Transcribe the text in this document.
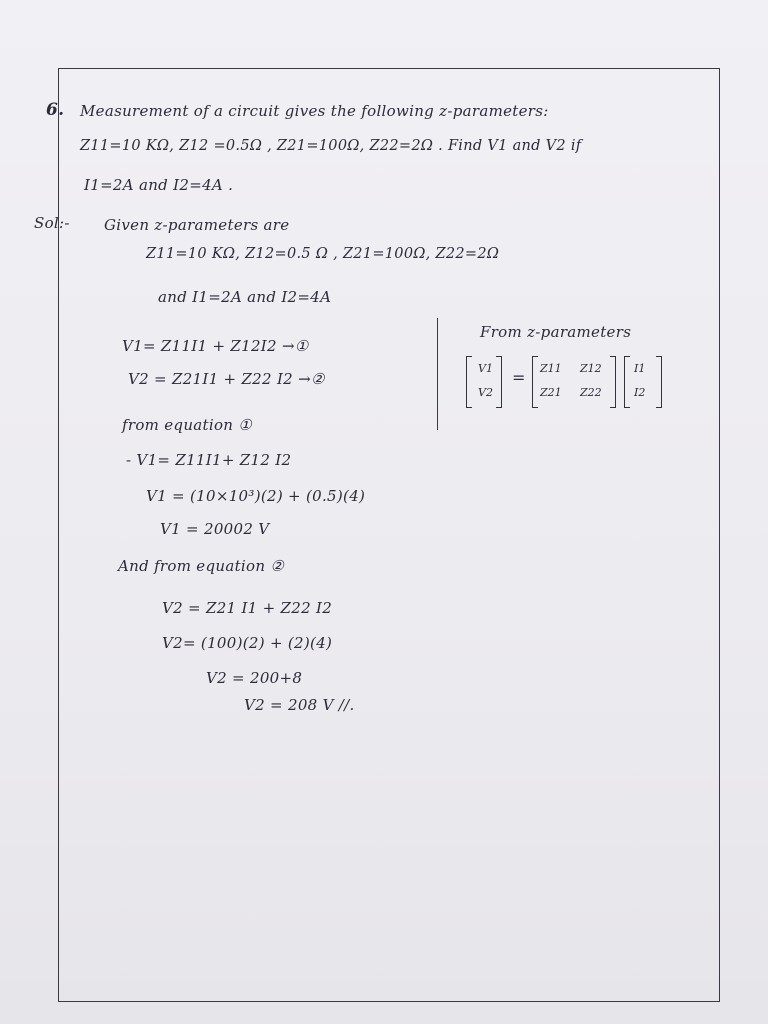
6. Measurement of a circuit gives the following z-parameters:
Z11=10 KΩ, Z12 =0.5Ω , Z21=100Ω, Z22=2Ω . Find V1 and V2 if
I1=2A and I2=4A .
Sol:- Given z-parameters are
Z11=10 KΩ, Z12=0.5 Ω , Z21=100Ω, Z22=2Ω
and I1=2A and I2=4A
V1= Z11I1 + Z12I2 →①
V2 = Z21I1 + Z22 I2 →②
From z-parameters
V1
V2
= Z11 Z12
Z21 Z22
I1
I2
from equation ①
- V1= Z11I1+ Z12 I2
V1 = (10×10³)(2) + (0.5)(4)
V1 = 20002 V
And from equation ②
V2 = Z21 I1 + Z22 I2
V2= (100)(2) + (2)(4)
V2 = 200+8
V2 = 208 V //.
